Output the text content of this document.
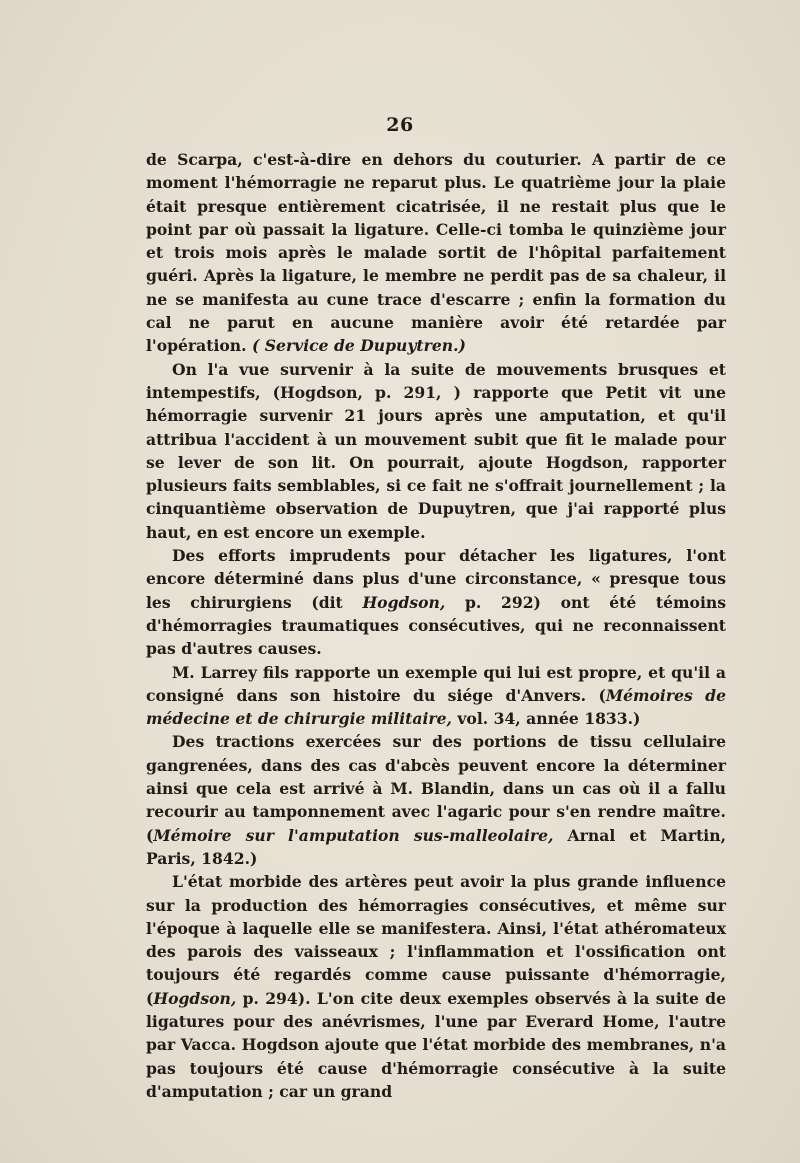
26

de Scarpa, c'est-à-dire en dehors du couturier. A partir de ce moment l'hémorragie ne reparut plus. Le quatrième jour la plaie était presque entièrement cicatrisée, il ne restait plus que le point par où passait la ligature. Celle-ci tomba le quinzième jour et trois mois après le malade sortit de l'hôpital parfaitement guéri. Après la ligature, le membre ne perdit pas de sa chaleur, il ne se manifesta au cune trace d'escarre ; enfin la formation du cal ne parut en aucune manière avoir été retardée par l'opération. ( Service de Dupuytren.)

On l'a vue survenir à la suite de mouvements brusques et intempestifs, (Hogdson, p. 291, ) rapporte que Petit vit une hémorragie survenir 21 jours après une amputation, et qu'il attribua l'accident à un mouvement subit que fit le malade pour se lever de son lit. On pourrait, ajoute Hogdson, rapporter plusieurs faits semblables, si ce fait ne s'offrait journellement ; la cinquantième observation de Dupuytren, que j'ai rapporté plus haut, en est encore un exemple.

Des efforts imprudents pour détacher les ligatures, l'ont encore déterminé dans plus d'une circonstance, « presque tous les chirurgiens (dit Hogdson, p. 292) ont été témoins d'hémorragies traumatiques consécutives, qui ne reconnaissent pas d'autres causes.

M. Larrey fils rapporte un exemple qui lui est propre, et qu'il a consigné dans son histoire du siége d'Anvers. (Mémoires de médecine et de chirurgie militaire, vol. 34, année 1833.)

Des tractions exercées sur des portions de tissu cellulaire gangrenées, dans des cas d'abcès peuvent encore la déterminer ainsi que cela est arrivé à M. Blandin, dans un cas où il a fallu recourir au tamponnement avec l'agaric pour s'en rendre maître. (Mémoire sur l'amputation sus-malleolaire, Arnal et Martin, Paris, 1842.)

L'état morbide des artères peut avoir la plus grande influence sur la production des hémorragies consécutives, et même sur l'époque à laquelle elle se manifestera. Ainsi, l'état athéromateux des parois des vaisseaux ; l'inflammation et l'ossification ont toujours été regardés comme cause puissante d'hémorragie, (Hogdson, p. 294). L'on cite deux exemples observés à la suite de ligatures pour des anévrismes, l'une par Everard Home, l'autre par Vacca. Hogdson ajoute que l'état morbide des membranes, n'a pas toujours été cause d'hémorragie consécutive à la suite d'amputation ; car un grand
